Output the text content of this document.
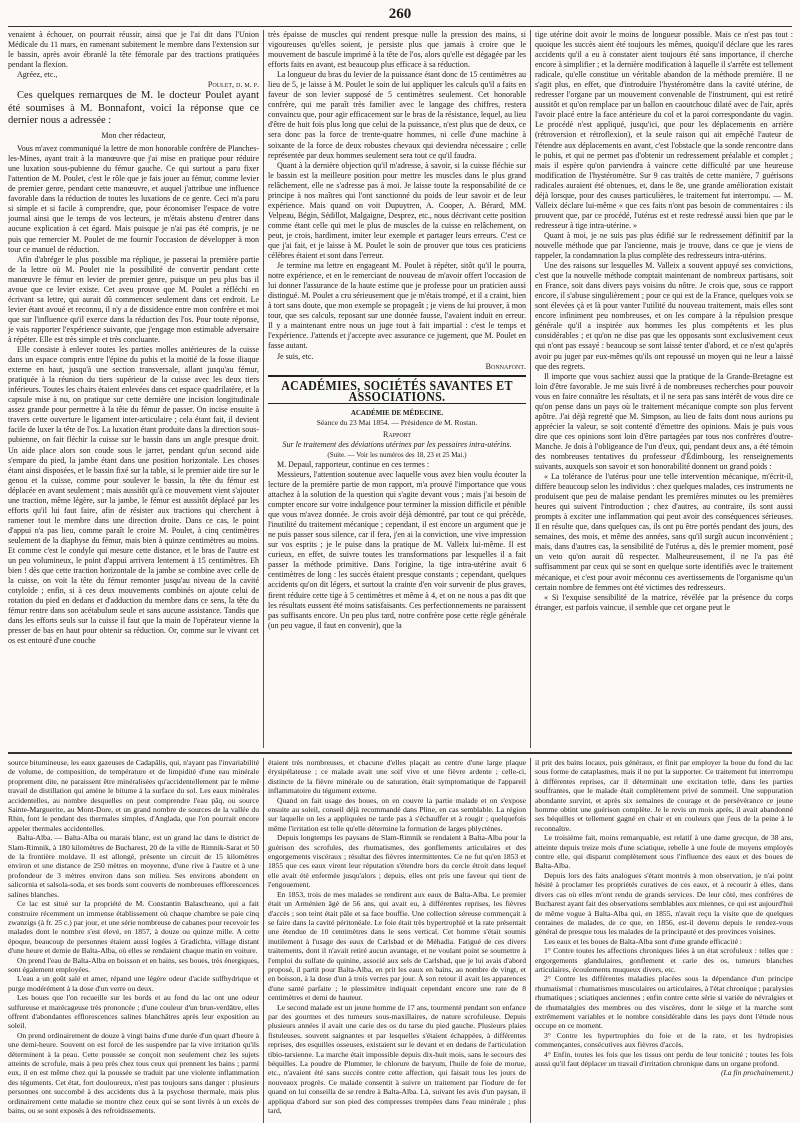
260

venaient à échouer, on pourrait réussir, ainsi que je l'ai dit dans l'Union Médicale du 11 mars, en ramenant subitement le membre dans l'extension sur le bassin, après avoir ébranlé la tête fémorale par des tractions pratiquées pendant la flexion.

Agréez, etc.,

Poulet, d. m. p.

Ces quelques remarques de M. le docteur Poulet ayant été soumises à M. Bonnafont, voici la réponse que ce dernier nous a adressée :

Mon cher rédacteur,

Vous m'avez communiqué la lettre de mon honorable confrère de Planches-les-Mines, ayant trait à la manœuvre que j'ai mise en pratique pour réduire une luxation sous-pubienne du fémur gauche. Ce qui surtout a paru fixer l'attention de M. Poulet, c'est le rôle que je fais jouer au fémur, comme levier de premier genre, pendant cette manœuvre, et auquel j'attribue une influence favorable dans la réduction de toutes les luxations de ce genre. Ceci m'a paru si simple et si facile à comprendre, que, pour économiser l'espace de votre journal ainsi que le temps de vos lecteurs, je m'étais abstenu d'entrer dans aucune explication à cet égard. Mais puisque je n'ai pas été compris, je ne puis que remercier M. Poulet de me fournir l'occasion de développer à mon tour ce manuel de réduction.

Afin d'abréger le plus possible ma réplique, je passerai la première partie de la lettre où M. Poulet nie la possibilité de convertir pendant cette manœuvre le fémur en levier de premier genre, puisque un peu plus bas il avoue que ce levier existe. Cet aveu prouve que M. Poulet a réfléchi en écrivant sa lettre, qui aurait dû commencer seulement dans cet endroit. Le levier étant avoué et reconnu, il n'y a de dissidence entre mon confrère et moi que sur l'influence qu'il exerce dans la réduction des l'os. Pour toute réponse, je vais rapporter l'expérience suivante, que j'engage mon estimable adversaire à répéter. Elle est très simple et très concluante.

Elle consiste à enlever toutes les parties molles antérieures de la cuisse dans un espace compris entre l'épine du pubis et la moitié de la fosse iliaque externe en haut, jusqu'à une section transversale, allant jusqu'au fémur, pratiquée à la réunion du tiers supérieur de la cuisse avec les deux tiers inférieurs. Toutes les chairs étaient enlevées dans cet espace quadrilatère, et la capsule mise à nu, on pratique sur cette dernière une incision longitudinale assez grande pour permettre à la tête du fémur de passer. On incise ensuite à travers cette ouverture le ligament inter-articulaire ; cela étant fait, il devient facile de luxer la tête de l'os. La luxation étant produite dans la direction sous-pubienne, on fait fléchir la cuisse sur le bassin dans un angle presque droit. Un aide place alors son coude sous le jarret, pendant qu'un second aide s'empare du pied, la jambe étant dans une position horizontale. Les choses étant ainsi disposées, et le bassin fixé sur la table, si le premier aide tire sur le genou et la cuisse, comme pour soulever le bassin, la tête du fémur est déplacée en avant seulement ; mais aussitôt qu'à ce mouvement vient s'ajouter une traction, même légère, sur la jambe, le fémur est aussitôt déplacé par les efforts qu'il lui faut faire, afin de résister aux tractions qui cherchent à ramener tout le membre dans une direction droite. Dans ce cas, le point d'appui n'a pas lieu, comme paraît le croire M. Poulet, à cinq centimètres seulement de la diaphyse du fémur, mais bien à quinze centimètres au moins. Et comme c'est le condyle qui mesure cette distance, et le bras de l'autre est un peu volumineux, le point d'appui arrivera lentement à 15 centimètres. Eh bien ! dès que cette traction horizontale de la jambe se combine avec celle de la cuisse, on voit la tête du fémur remonter jusqu'au niveau de la cavité cotyloïde ; enfin, si à ces deux mouvements combinés on ajoute celui de rotation du pied en dedans et d'adduction du membre dans ce sens, la tête du fémur rentre dans son acétabulum seule et sans aucune assistance. Tandis que dans les efforts seuls sur la cuisse il faut que la main de l'opérateur vienne la presser de bas en haut pour obtenir sa réduction. Or, comme sur le vivant cet os est entouré d'une couche

très épaisse de muscles qui rendent presque nulle la pression des mains, si vigoureuses qu'elles soient, je persiste plus que jamais à croire que le mouvement de bascule imprimé à la tête de l'os, alors qu'elle est dégagée par les efforts faits en avant, est beaucoup plus efficace à sa réduction.

La longueur du bras du levier de la puissance étant donc de 15 centimètres au lieu de 5, je laisse à M. Poulet le soin de lui appliquer les calculs qu'il a faits en faveur de son levier supposé de 5 centimètres seulement. Cet honorable confrère, qui me paraît très familier avec le langage des chiffres, restera convaincu que, pour agir efficacement sur le bras de la résistance, lequel, au lieu d'être de huit fois plus long que celui de la puissance, n'est plus que de deux, ce sera donc pas la force de trente-quatre hommes, ni celle d'une machine à soixante de la force de deux robustes chevaux qui deviendra nécessaire ; celle représentée par deux hommes seulement sera tout ce qu'il faudra.

Quant à la dernière objection qu'il m'adresse, à savoir, si la cuisse fléchie sur le bassin est la meilleure position pour mettre les muscles dans le plus grand relâchement, elle ne s'adresse pas à moi. Je laisse toute la responsabilité de ce principe à nos maîtres qui l'ont sanctionné du poids de leur savoir et de leur expérience. Mais quand on voit Dupuytren, A. Cooper, A. Bérard, MM. Velpeau, Bégin, Sédillot, Malgaigne, Desprez, etc., nous décrivant cette position comme étant celle qui met le plus de muscles de la cuisse en relâchement, on peut, je crois, hardiment, imiter leur exemple et partager leurs erreurs. C'est ce que j'ai fait, et je laisse à M. Poulet le soin de prouver que tous ces praticiens célèbres étaient et sont dans l'erreur.

Je termine ma lettre en engageant M. Poulet à répéter, sitôt qu'il le pourra, notre expérience, et en le remerciant de nouveau de m'avoir offert l'occasion de lui donner l'assurance de la haute estime que je professe pour un praticien aussi distingué. M. Poulet a cru sérieusement que je m'étais trompé, et il a craint, bien à tort sans doute, que mon exemple se propageât ; je viens de lui prouver, à mon tour, que ses calculs, reposant sur une donnée fausse, l'avaient induit en erreur. Il y a maintenant entre nous un juge tout à fait impartial : c'est le temps et l'expérience. J'attends et j'accepte avec assurance ce jugement, que M. Poulet en fasse autant.

Je suis, etc.

Bonnafont.

ACADÉMIES, SOCIÉTÉS SAVANTES ET ASSOCIATIONS.

ACADÉMIE DE MÉDECINE.

Séance du 23 Mai 1854. — Présidence de M. Rostan.

Rapport

Sur le traitement des déviations utérines par les pessaires intra-utérins.

(Suite. — Voir les numéros des 18, 23 et 25 Mai.)

M. Depaul, rapporteur, continue en ces termes :

Messieurs, l'attention soutenue avec laquelle vous avez bien voulu écouter la lecture de la première partie de mon rapport, m'a prouvé l'importance que vous attachez à la solution de la question qui s'agite devant vous ; mais j'ai besoin de compter encore sur votre indulgence pour terminer la mission difficile et pénible que vous m'avez donnée. Je crois avoir déjà démontré, par tout ce qui précède, l'inutilité du traitement mécanique ; cependant, il est encore un argument que je ne puis passer sous silence, car il fera, j'en ai la conviction, une vive impression sur vos esprits ; je le puise dans la pratique de M. Valleix lui-même. Il est curieux, en effet, de suivre toutes les transformations par lesquelles il a fait passer la méthode primitive. Dans l'origine, la tige intra-utérine avait 6 centimètres de long : les succès étaient presque constants ; cependant, quelques accidents qu'on dit légers, et surtout la crainte d'en voir survenir de plus graves, firent réduire cette tige à 5 centimètres et même à 4, et on ne nous a pas dit que les résultats eussent été moins satisfaisants. Ces perfectionnements ne paraissent pas suffisants encore. Un peu plus tard, notre confrère pose cette règle générale (un peu vague, il faut en convenir), que la

tige utérine doit avoir le moins de longueur possible. Mais ce n'est pas tout : quoique les succès aient été toujours les mêmes, quoiqu'il déclare que les rares accidents qu'il a eu à constater aient toujours été sans importance, il cherche encore à simplifier ; et la dernière modification à laquelle il s'arrête est tellement radicale, qu'elle constitue un véritable abandon de la méthode première. Il ne s'agit plus, en effet, que d'introduire l'hystéromètre dans la cavité utérine, de redresser l'organe par un mouvement convenable de l'instrument, qui est retiré aussitôt et qu'on remplace par un ballon en caoutchouc dilaté avec de l'air, après l'avoir placé entre la face antérieure du col et la paroi correspondante du vagin. Le procédé n'est appliqué, jusqu'ici, que pour les déplacements en arrière (rétroversion et rétroflexion), et la seule raison qui ait empêché l'auteur de l'étendre aux déplacements en avant, c'est l'obstacle que la sonde rencontre dans le pubis, et qui ne permet pas d'obtenir un redressement préalable et complet ; mais il espère qu'on parviendra à vaincre cette difficulté par une heureuse modification de l'hystéromètre. Sur 9 cas traités de cette manière, 7 guérisons radicales auraient été obtenues, et, dans le 8e, une grande amélioration existait déjà lorsque, pour des causes particulières, le traitement fut interrompu. — M. Valleix déclare lui-même « que ces faits n'ont pas besoin de commentaires : ils prouvent que, par ce procédé, l'utérus est et reste redressé aussi bien que par le redresseur à tige intra-utérine. »

Quant à moi, je ne suis pas plus édifié sur le redressement définitif par la nouvelle méthode que par l'ancienne, mais je trouve, dans ce que je viens de rappeler, la condamnation la plus complète des redresseurs intra-utérins.

Une des raisons sur lesquelles M. Valleix a souvent appuyé ses convictions, c'est que la nouvelle méthode comptait maintenant de nombreux partisans, soit en France, soit dans divers pays voisins du nôtre. Je crois que, sous ce rapport encore, il s'abuse singulièrement ; pour ce qui est de la France, quelques voix se sont élevées çà et là pour vanter l'utilité du nouveau traitement, mais elles sont encore infiniment peu nombreuses, et on les compare à la répulsion presque générale qu'il a inspirée aux hommes les plus compétents et les plus considérables ; et qu'on ne dise pas que les opposants sont exclusivement ceux qui n'ont pas essayé : beaucoup se sont laissé tenter d'abord, et ce n'est qu'après avoir pu juger par eux-mêmes qu'ils ont repoussé un moyen qui ne leur a laissé que des regrets.

Il importe que vous sachiez aussi que la pratique de la Grande-Bretagne est loin d'être favorable. Je me suis livré à de nombreuses recherches pour pouvoir vous en faire connaître les résultats, et il ne sera pas sans intérêt de vous dire ce qu'on pense dans un pays où le traitement mécanique compte son plus fervent apôtre. J'ai déjà regretté que M. Simpson, au lieu de faits dont nous aurions pu apprécier la valeur, se soit contenté d'émettre des opinions. Mais je puis vous dire que ces opinions sont loin d'être partagées par tous nos confrères d'outre-Manche. Je dois à l'obligeance de l'un d'eux, qui, pendant deux ans, a été témoin des nombreuses tentatives du professeur d'Édimbourg, les renseignements suivants, auxquels son savoir et son honorabilité donnent un grand poids :

« La tolérance de l'utérus pour une telle intervention mécanique, m'écrit-il, diffère beaucoup selon les individus : chez quelques malades, ces instruments ne produisent que peu de malaise pendant les premières minutes ou les premières heures qui suivent l'introduction ; chez d'autres, au contraire, ils sont aussi prompts à exciter une inflammation qui peut avoir des conséquences sérieuses. Il en résulte que, dans quelques cas, ils ont pu être portés pendant des jours, des semaines, des mois, et même des années, sans qu'il surgît aucun inconvénient ; mais, dans d'autres cas, la sensibilité de l'utérus a, dès le premier moment, posé un veto qu'on aurait dû respecter. Malheureusement, il ne l'a pas été suffisamment par ceux qui se sont en quelque sorte identifiés avec le traitement mécanique, et c'est pour avoir méconnu ces avertissements de l'organisme qu'un certain nombre de femmes ont été victimes des redresseurs.

« Si l'exquise sensibilité de la matrice, révélée par la présence du corps étranger, est parfois vaincue, il semble que cet organe peut le

source bitumineuse, les eaux gazeuses de Cadapâlis, qui, n'ayant pas l'invariabilité de volume, de composition, de température et de limpidité d'une eau minérale proprement dite, ne paraissent être minéralisées qu'accidentellement par le même travail de distillation qui amène le bitume à la surface du sol. Les eaux minérales accidentelles, au nombre desquelles on peut comprendre l'eau pâq, ou source Sainte-Marguerite, au Mont-Dore, et un grand nombre de sources de la vallée du Rhin, font le pendant des thermales simples, d'Anglada, que l'on pourrait encore appeler thermales accidentelles.

Balta-Alba. — Balta-Alba ou marais blanc, est un grand lac dans le district de Slam-Rimnik, à 180 kilomètres de Bucharest, 20 de la ville de Rimnik-Sarat et 50 de la frontière moldave. Il est allongé, présente un circuit de 15 kilomètres environ et une distance de 250 mètres en moyenne, d'une rive à l'autre et à une profondeur de 3 mètres environ dans son milieu. Ses environs abondent en salicornia et salsola-soda, et ses bords sont couverts de nombreuses efflorescences salines blanches.

Ce lac est situé sur la propriété de M. Constantin Balascheano, qui a fait construire récemment un immense établissement où chaque chambre se paie cinq zwanzigs (à fr. 25 c.) par jour, et une série nombreuse de cabanes pour recevoir les malades dont le nombre s'est élevé, en 1857, à douze ou quinze mille. A cette époque, beaucoup de personnes étaient aussi logées à Gradichta, village distant d'une heure et demie de Balta-Alba, où elles se rendaient chaque matin en voiture.

On prend l'eau de Balta-Alba en boisson et en bains, ses boues, très énergiques, sont également employées.

L'eau a un goût salé et amer, répand une légère odeur d'acide sulfhydrique et purge modérément à la dose d'un verre ou deux.

Les boues que l'on recueille sur les bords et au fond du lac ont une odeur sulfureuse et marécageuse très prononcée ; d'une couleur d'un brun-verdâtre, elles offrent d'abondantes efflorescences salines blanchâtres après leur exposition au soleil.

On prend ordinairement de douze à vingt bains d'une durée d'un quart d'heure à une demi-heure. Souvent on est forcé de les suspendre par la vive irritation qu'ils déterminent à la peau. Cette poussée se conçoit non seulement chez les sujets atteints de scrofule, mais à peu près chez tous ceux qui prennent les bains ; parmi eux, il en est même chez qui la poussée se traduit par une violente inflammation des téguments. Cet état, fort douloureux, n'est pas toujours sans danger : plusieurs personnes ont succombé à des accidents dus à la psychose thermale, mais plus ordinairement cette maladie se montre chez ceux qui se sont livrés à un excès de bains, ou se sont exposés à des refroidissements.

étaient très nombreuses, et chacune d'elles plaçait au centre d'une large plaque érysipélateuse ; ce malade avait une soif vive et une fièvre ardente ; celle-ci, distincte de la fièvre minérale ou de saturation, était symptomatique de l'appareil inflammatoire du tégument externe.

Quand on fait usage des boues, on en couvre la partie malade et on s'expose ensuite au soleil, conseil déjà recommandé dans Pline, en cas semblable. La région sur laquelle on les a appliquées ne tarde pas à s'échauffer et à rougir ; quelquefois même l'irritation est telle qu'elle détermine la formation de larges phlyctènes.

Depuis longtemps les paysans de Slam-Rimnik se rendaient à Balta-Alba pour la guérison des scrofules, des rhumatismes, des gonflements articulaires et des engorgements viscéraux ; résultat des fièvres intermittentes. Ce ne fut qu'en 1853 et 1855 que ces eaux virent leur réputation s'étendre hors du cercle étroit dans lequel elle avait été enfermée jusqu'alors ; depuis, elles ont pris une faveur qui tient de l'engouement.

En 1853, trois de mes malades se rendirent aux eaux de Balta-Alba. Le premier était un Arménien âgé de 56 ans, qui avait eu, à différentes reprises, les fièvres d'accès ; son teint était pâle et sa face bouffie. Une collection séreuse commençait à se faire dans la cavité péritonéale. Le foie était très hypertrophié et la rate présentait une étendue de 10 centimètres dans le sens vertical. Cet homme s'était soumis inutilement à l'usage des eaux de Carlsbad et de Méhadia. Fatigué de ces divers traitements, dont il n'avait retiré aucun avantage, et ne voulant point se soumettre à l'emploi du sulfate de quinine, associé aux sels de Carlsbad, que je lui avais d'abord proposé, il partit pour Balta-Alba, en prit les eaux en bains, au nombre de vingt, et en boisson, à la dose d'un à trois verres par jour. À son retour il avait les apparences d'une santé parfaite ; le plessimètre indiquait cependant encore une rate de 8 centimètres et demi de hauteur.

Le second malade est un jeune homme de 17 ans, tourmenté pendant son enfance par des gourmes et des tumeurs sous-maxillaires, de nature scrofuleuse. Depuis plusieurs années il avait une carie des os du tarse du pied gauche. Plusieurs plaies fistuleuses, souvent saignantes et par lesquelles s'étaient échappées, à différentes reprises, des esquilles osseuses, existaient sur le devant et en dedans de l'articulation tibio-tarsienne. La marche était impossible depuis dix-huit mois, sans le secours des béquilles. La poudre de Plummer, le chlorure de baryum, l'huile de foie de morue, etc., n'avaient été sans succès contre cette affection, qui faisait tous les jours de nouveaux progrès. Ce malade consentit à suivre un traitement par l'iodure de fer quand on lui conseilla de se rendre à Balta-Alba. Là, suivant les avis d'un paysan, il appliqua d'abord sur son pied des compresses trempées dans l'eau minérale ; plus tard,

il prit des bains locaux, puis généraux, et finit par employer la boue du fond du lac sous forme de cataplasmes, mais il ne put la supporter. Ce traitement fut interrompu à différentes reprises, car il déterminait une excitation telle, dans les parties souffrantes, que le malade était complètement privé de sommeil. Une suppuration abondante survint, et après six semaines de courage et de persévérance ce jeune homme obtint une guérison complète. Je le revis un mois après, il avait abandonné ses béquilles et tellement gagné en chair et en couleurs que j'eus de la peine à le reconnaître.

Le troisième fait, moins remarquable, est relatif à une dame grecque, de 38 ans, atteinte depuis treize mois d'une sciatique, rebelle à une foule de moyens employés contre elle, qui disparut complètement sous l'influence des eaux et des boues de Balta-Alba.

Depuis lors des faits analogues s'étant montrés à mon observation, je n'ai point hésité à proclamer les propriétés curatives de ces eaux, et à recourir à elles, dans divers cas où elles m'ont rendu de grands services. De leur côté, mes confrères de Bucharest ayant fait des observations semblables aux miennes, ce qui est aujourd'hui de même vogue à Balta-Alba qui, en 1855, n'avait reçu la visite que de quelques centaines de malades, de ce que, en 1856, est-il devenu depuis le rendez-vous général de presque tous les malades de la principauté et des provinces voisines.

Les eaux et les boues de Balta-Alba sont d'une grande efficacité :

1° Contre toutes les affections chroniques liées à un état scrofuleux : telles que : engorgements glandulaires, gonflement et carie des os, tumeurs blanches articulaires, écoulements muqueux divers, etc.

2° Contre les différentes maladies placées sous la dépendance d'un principe rhumatismal : rhumatismes musculaires ou articulaires, à l'état chronique ; paralysies rhumatiques ; sciatiques anciennes ; enfin contre cette série si variée de névralgies et de rhumatalgies des membres ou des viscères, dont le siège et la marche sont extrêmement variables et le nombre considérable dans les pays dont l'étude nous occupe en ce moment.

3° Contre les hypertrophies du foie et de la rate, et les hydropisies commençantes, consécutives aux fièvres d'accès.

4° Enfin, toutes les fois que les tissus ont perdu de leur tonicité ; toutes les fois aussi qu'il faut déplacer un travail d'irritation chronique dans un organe profond.

(La fin prochainement.)
